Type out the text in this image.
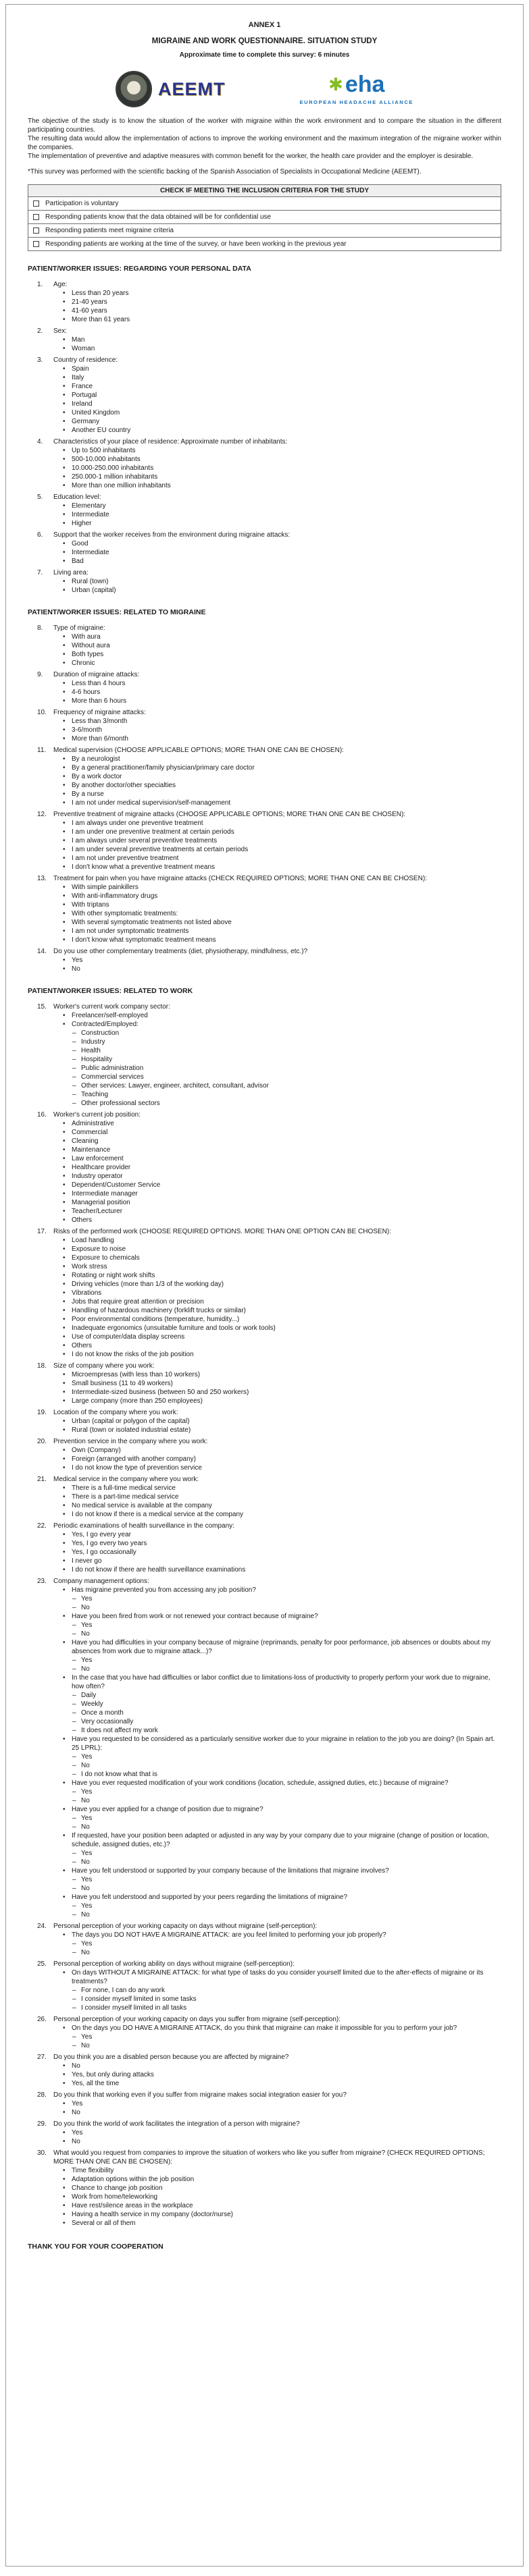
ANNEX 1
MIGRAINE AND WORK QUESTIONNAIRE. SITUATION STUDY
Approximate time to complete this survey: 6 minutes
AEEMT	✱ eha
EUROPEAN HEADACHE ALLIANCE

The objective of the study is to know the situation of the worker with migraine within the work environment and to compare the situation in the different participating countries.

The resulting data would allow the implementation of actions to improve the working environment and the maximum integration of the migraine worker within the companies.

The implementation of preventive and adaptive measures with common benefit for the worker, the health care provider and the employer is desirable.

*This survey was performed with the scientific backing of the Spanish Association of Specialists in Occupational Medicine (AEEMT).

CHECK IF MEETING THE INCLUSION CRITERIA FOR THE STUDY

Participation is voluntary

Responding patients know that the data obtained will be for confidential use

Responding patients meet migraine criteria

Responding patients are working at the time of the survey, or have been working in the previous year
PATIENT/WORKER ISSUES: REGARDING YOUR PERSONAL DATA
1.	Age:
• Less than 20 years
• 21-40 years
• 41-60 years
• More than 61 years
2.	Sex:
• Man
• Woman
3.	Country of residence:
• Spain
• Italy
• France
• Portugal
• Ireland
• United Kingdom
• Germany
• Another EU country
4.	Characteristics of your place of residence: Approximate number of inhabitants:
• Up to 500 inhabitants
• 500-10.000 inhabitants
• 10.000-250.000 inhabitants
• 250.000-1 million inhabitants
• More than one million inhabitants
5.	Education level:
• Elementary
• Intermediate
• Higher
6.	Support that the worker receives from the environment during migraine attacks:
• Good
• Intermediate
• Bad
7.	Living area:
• Rural (town)
• Urban (capital)
PATIENT/WORKER ISSUES: RELATED TO MIGRAINE
8.	Type of migraine:
• With aura
• Without aura
• Both types
• Chronic
9.	Duration of migraine attacks:
• Less than 4 hours
• 4-6 hours
• More than 6 hours
10.	Frequency of migraine attacks:
• Less than 3/month
• 3-6/month
• More than 6/month
11.	Medical supervision (CHOOSE APPLICABLE OPTIONS; MORE THAN ONE CAN BE CHOSEN):
• By a neurologist
• By a general practitioner/family physician/primary care doctor
• By a work doctor
• By another doctor/other specialties
• By a nurse
• I am not under medical supervision/self-management
12.	Preventive treatment of migraine attacks (CHOOSE APPLICABLE OPTIONS; MORE THAN ONE CAN BE CHOSEN):
• I am always under one preventive treatment
• I am under one preventive treatment at certain periods
• I am always under several preventive treatments
• I am under several preventive treatments at certain periods
• I am not under preventive treatment
• I don't know what a preventive treatment means
13.	Treatment for pain when you have migraine attacks (CHECK REQUIRED OPTIONS; MORE THAN ONE CAN BE CHOSEN):
• With simple painkillers
• With anti-inflammatory drugs
• With triptans
• With other symptomatic treatments:
• With several symptomatic treatments not listed above
• I am not under symptomatic treatments
• I don't know what symptomatic treatment means
14.	Do you use other complementary treatments (diet, physiotherapy, mindfulness, etc.)?
• Yes
• No
PATIENT/WORKER ISSUES: RELATED TO WORK
15.	Worker's current work company sector:
• Freelancer/self-employed
• Contracted/Employed:
– Construction
– Industry
– Health
– Hospitality
– Public administration
– Commercial services
– Other services: Lawyer, engineer, architect, consultant, advisor
– Teaching
– Other professional sectors
16.	Worker's current job position:
• Administrative
• Commercial
• Cleaning
• Maintenance
• Law enforcement
• Healthcare provider
• Industry operator
• Dependent/Customer Service
• Intermediate manager
• Managerial position
• Teacher/Lecturer
• Others
17.	Risks of the performed work (CHOOSE REQUIRED OPTIONS. MORE THAN ONE OPTION CAN BE CHOSEN):
• Load handling
• Exposure to noise
• Exposure to chemicals
• Work stress
• Rotating or night work shifts
• Driving vehicles (more than 1/3 of the working day)
• Vibrations
• Jobs that require great attention or precision
• Handling of hazardous machinery (forklift trucks or similar)
• Poor environmental conditions (temperature, humidity...)
• Inadequate ergonomics (unsuitable furniture and tools or work tools)
• Use of computer/data display screens
• Others
• I do not know the risks of the job position
18.	Size of company where you work:
• Microempresas (with less than 10 workers)
• Small business (11 to 49 workers)
• Intermediate-sized business (between 50 and 250 workers)
• Large company (more than 250 employees)
19.	Location of the company where you work:
• Urban (capital or polygon of the capital)
• Rural (town or isolated industrial estate)
20.	Prevention service in the company where you work:
• Own (Company)
• Foreign (arranged with another company)
• I do not know the type of prevention service
21.	Medical service in the company where you work:
• There is a full-time medical service
• There is a part-time medical service
• No medical service is available at the company
• I do not know if there is a medical service at the company
22.	Periodic examinations of health surveillance in the company:
• Yes, I go every year
• Yes, I go every two years
• Yes, I go occasionally
• I never go
• I do not know if there are health surveillance examinations
23.	Company management options:
• Has migraine prevented you from accessing any job position?
– Yes
– No
• Have you been fired from work or not renewed your contract because of migraine?
– Yes
– No
• Have you had difficulties in your company because of migraine (reprimands, penalty for poor performance, job absences or doubts about my absences from work due to migraine attack...)?
– Yes
– No
• In the case that you have had difficulties or labor conflict due to limitations-loss of productivity to properly perform your work due to migraine, how often?
– Daily
– Weekly
– Once a month
– Very occasionally
– It does not affect my work
• Have you requested to be considered as a particularly sensitive worker due to your migraine in relation to the job you are doing? (In Spain art. 25 LPRL):
– Yes
– No
– I do not know what that is
• Have you ever requested modification of your work conditions (location, schedule, assigned duties, etc.) because of migraine?
– Yes
– No
• Have you ever applied for a change of position due to migraine?
– Yes
– No
• If requested, have your position been adapted or adjusted in any way by your company due to your migraine (change of position or location, schedule, assigned duties, etc.)?
– Yes
– No
• Have you felt understood or supported by your company because of the limitations that migraine involves?
– Yes
– No
• Have you felt understood and supported by your peers regarding the limitations of migraine?
– Yes
– No
24.	Personal perception of your working capacity on days without migraine (self-perception):
• The days you DO NOT HAVE A MIGRAINE ATTACK: are you feel limited to performing your job properly?
– Yes
– No
25.	Personal perception of working ability on days without migraine (self-perception):
• On days WITHOUT A MIGRAINE ATTACK: for what type of tasks do you consider yourself limited due to the after-effects of migraine or its treatments?
– For none, I can do any work
– I consider myself limited in some tasks
– I consider myself limited in all tasks
26.	Personal perception of your working capacity on days you suffer from migraine (self-perception):
• On the days you DO HAVE A MIGRAINE ATTACK, do you think that migraine can make it impossible for you to perform your job?
– Yes
– No
27.	Do you think you are a disabled person because you are affected by migraine?
• No
• Yes, but only during attacks
• Yes, all the time
28.	Do you think that working even if you suffer from migraine makes social integration easier for you?
• Yes
• No
29.	Do you think the world of work facilitates the integration of a person with migraine?
• Yes
• No
30.	What would you request from companies to improve the situation of workers who like you suffer from migraine? (CHECK REQUIRED OPTIONS; MORE THAN ONE CAN BE CHOSEN):
• Time flexibility
• Adaptation options within the job position
• Chance to change job position
• Work from home/teleworking
• Have rest/silence areas in the workplace
• Having a health service in my company (doctor/nurse)
• Several or all of them
THANK YOU FOR YOUR COOPERATION
